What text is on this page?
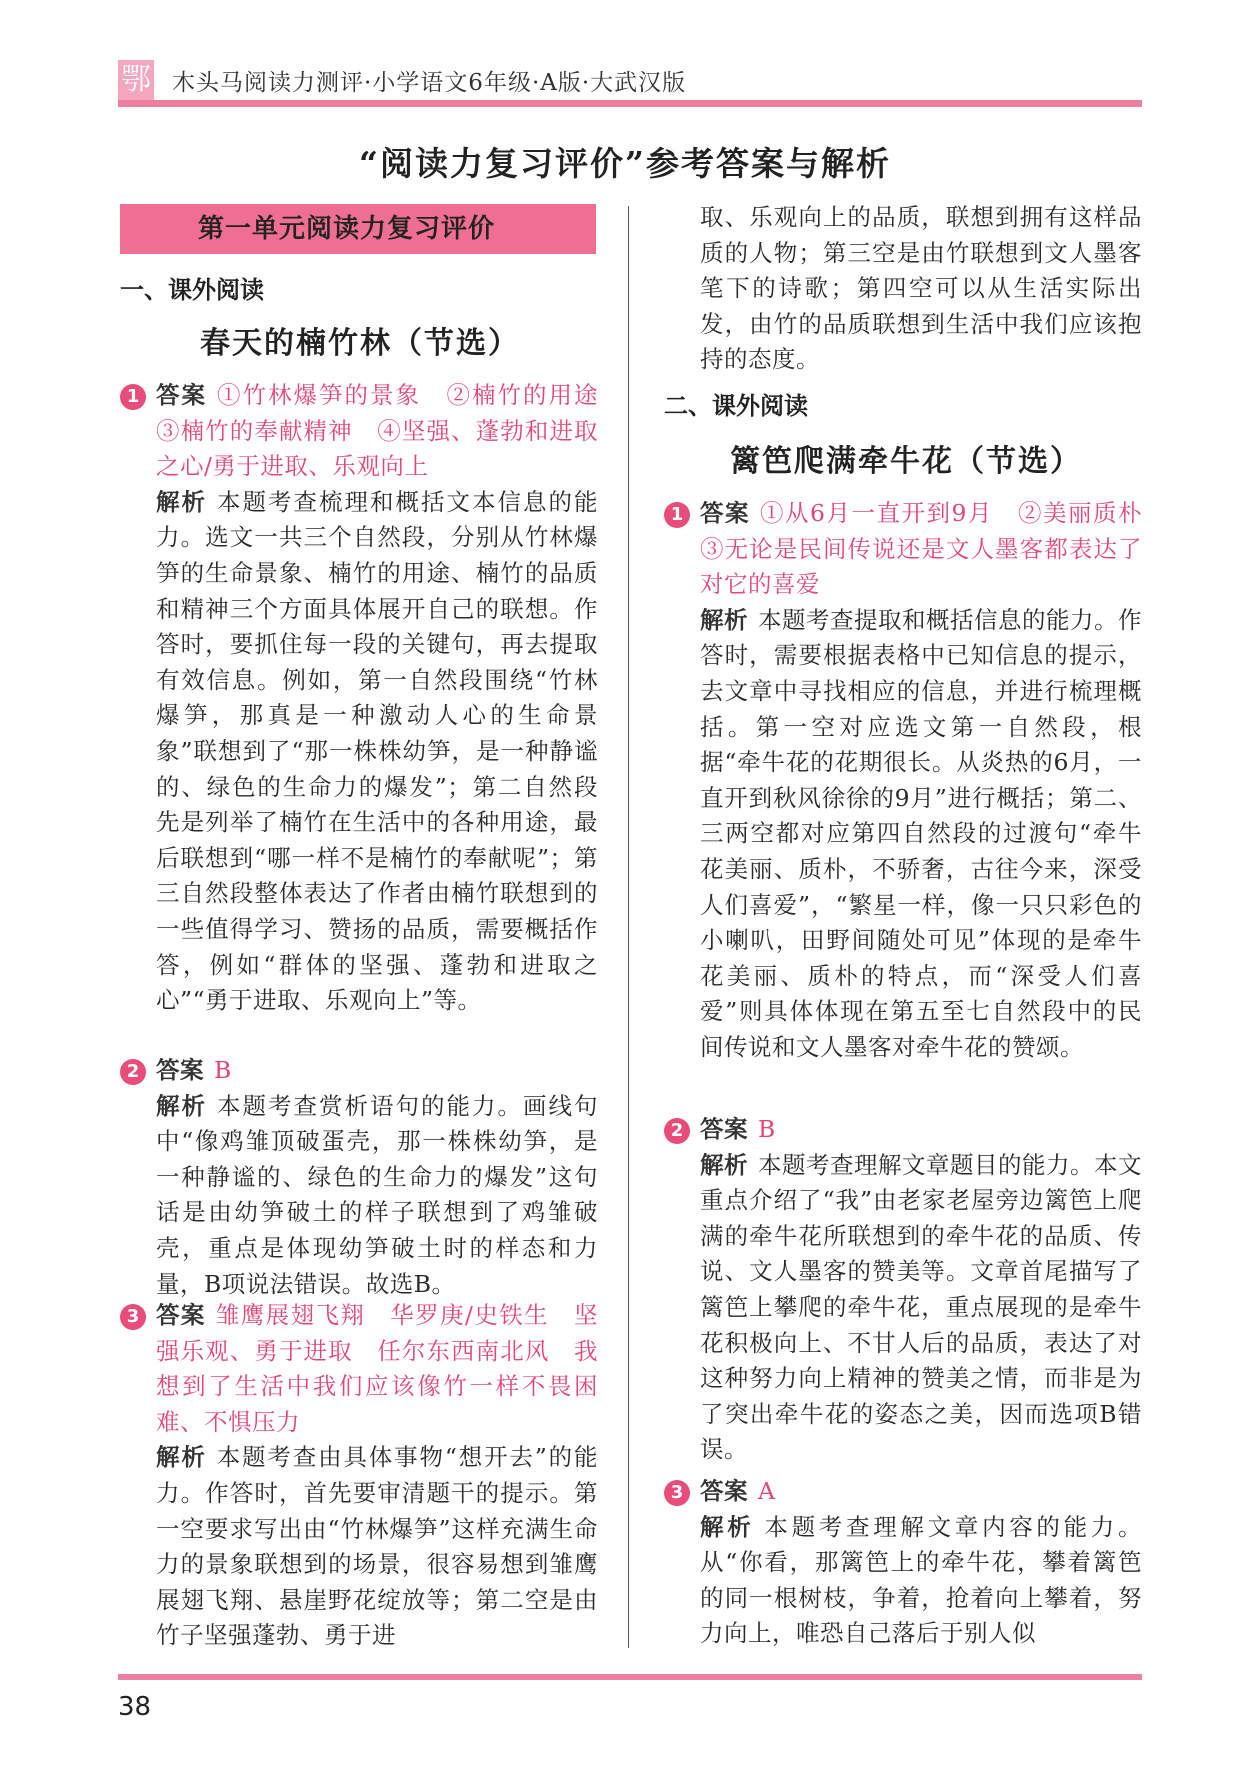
鄂 木头马阅读力测评·小学语文6年级·A版·大武汉版
“阅读力复习评价”参考答案与解析
第一单元阅读力复习评价
一、课外阅读
春天的楠竹林（节选）
1 答案 ①竹林爆笋的景象　②楠竹的用途　③楠竹的奉献精神　④坚强、蓬勃和进取之心/勇于进取、乐观向上
解析 本题考查梳理和概括文本信息的能力。选文一共三个自然段，分别从竹林爆笋的生命景象、楠竹的用途、楠竹的品质和精神三个方面具体展开自己的联想。作答时，要抓住每一段的关键句，再去提取有效信息。例如，第一自然段围绕“竹林爆笋，那真是一种激动人心的生命景象”联想到了“那一株株幼笋，是一种静谧的、绿色的生命力的爆发”；第二自然段先是列举了楠竹在生活中的各种用途，最后联想到“哪一样不是楠竹的奉献呢”；第三自然段整体表达了作者由楠竹联想到的一些值得学习、赞扬的品质，需要概括作答，例如“群体的坚强、蓬勃和进取之心”“勇于进取、乐观向上”等。
2 答案 B
解析 本题考查赏析语句的能力。画线句中“像鸡雏顶破蛋壳，那一株株幼笋，是一种静谧的、绿色的生命力的爆发”这句话是由幼笋破土的样子联想到了鸡雏破壳，重点是体现幼笋破土时的样态和力量，B项说法错误。故选B。
3 答案 雏鹰展翅飞翔　华罗庚/史铁生　坚强乐观、勇于进取　任尔东西南北风　我想到了生活中我们应该像竹一样不畏困难、不惧压力
解析 本题考查由具体事物“想开去”的能力。作答时，首先要审清题干的提示。第一空要求写出由“竹林爆笋”这样充满生命力的景象联想到的场景，很容易想到雏鹰展翅飞翔、悬崖野花绽放等；第二空是由竹子坚强蓬勃、勇于进
取、乐观向上的品质，联想到拥有这样品质的人物；第三空是由竹联想到文人墨客笔下的诗歌；第四空可以从生活实际出发，由竹的品质联想到生活中我们应该抱持的态度。
二、课外阅读
篱笆爬满牵牛花（节选）
1 答案 ①从6月一直开到9月　②美丽质朴　③无论是民间传说还是文人墨客都表达了对它的喜爱
解析 本题考查提取和概括信息的能力。作答时，需要根据表格中已知信息的提示，去文章中寻找相应的信息，并进行梳理概括。第一空对应选文第一自然段，根据“牵牛花的花期很长。从炎热的6月，一直开到秋风徐徐的9月”进行概括；第二、三两空都对应第四自然段的过渡句“牵牛花美丽、质朴，不骄奢，古往今来，深受人们喜爱”，“繁星一样，像一只只彩色的小喇叭，田野间随处可见”体现的是牵牛花美丽、质朴的特点，而“深受人们喜爱”则具体体现在第五至七自然段中的民间传说和文人墨客对牵牛花的赞颂。
2 答案 B
解析 本题考查理解文章题目的能力。本文重点介绍了“我”由老家老屋旁边篱笆上爬满的牵牛花所联想到的牵牛花的品质、传说、文人墨客的赞美等。文章首尾描写了篱笆上攀爬的牵牛花，重点展现的是牵牛花积极向上、不甘人后的品质，表达了对这种努力向上精神的赞美之情，而非是为了突出牵牛花的姿态之美，因而选项B错误。
3 答案 A
解析 本题考查理解文章内容的能力。从“你看，那篱笆上的牵牛花，攀着篱笆的同一根树枝，争着，抢着向上攀着，努力向上，唯恐自己落后于别人似
38
